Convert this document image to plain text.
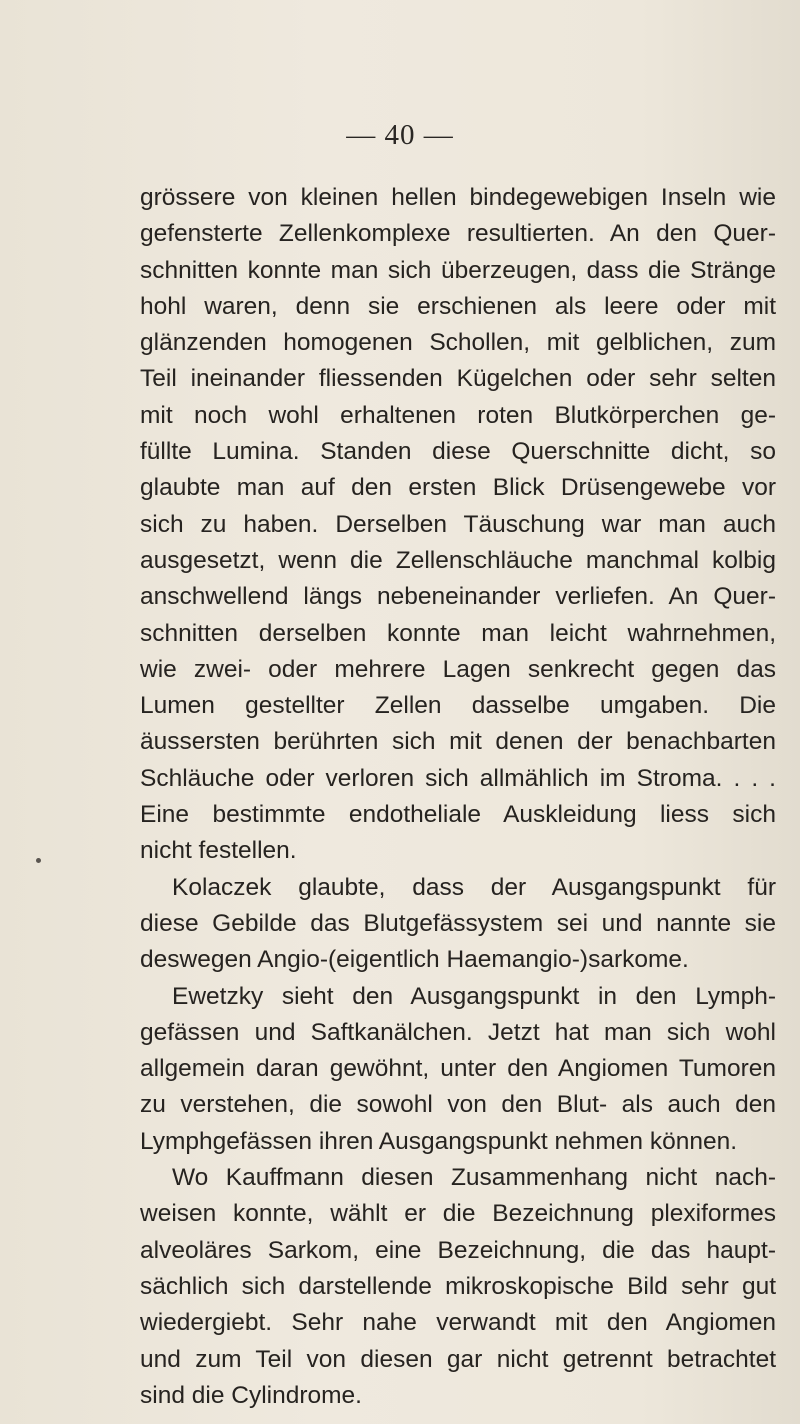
— 40 —
grössere von kleinen hellen bindegewebigen Inseln wie
gefensterte Zellenkomplexe resultierten. An den Quer-
schnitten konnte man sich überzeugen, dass die Stränge
hohl waren, denn sie erschienen als leere oder mit
glänzenden homogenen Schollen, mit gelblichen, zum
Teil ineinander fliessenden Kügelchen oder sehr selten
mit noch wohl erhaltenen roten Blutkörperchen ge-
füllte Lumina. Standen diese Querschnitte dicht, so
glaubte man auf den ersten Blick Drüsengewebe vor
sich zu haben. Derselben Täuschung war man auch
ausgesetzt, wenn die Zellenschläuche manchmal kolbig
anschwellend längs nebeneinander verliefen. An Quer-
schnitten derselben konnte man leicht wahrnehmen,
wie zwei- oder mehrere Lagen senkrecht gegen das
Lumen gestellter Zellen dasselbe umgaben. Die
äussersten berührten sich mit denen der benachbarten
Schläuche oder verloren sich allmählich im Stroma. . . .
Eine bestimmte endotheliale Auskleidung liess sich
nicht festellen.
Kolaczek glaubte, dass der Ausgangspunkt für
diese Gebilde das Blutgefässystem sei und nannte sie
deswegen Angio-(eigentlich Haemangio-)sarkome.
Ewetzky sieht den Ausgangspunkt in den Lymph-
gefässen und Saftkanälchen. Jetzt hat man sich wohl
allgemein daran gewöhnt, unter den Angiomen Tumoren
zu verstehen, die sowohl von den Blut- als auch den
Lymphgefässen ihren Ausgangspunkt nehmen können.
Wo Kauffmann diesen Zusammenhang nicht nach-
weisen konnte, wählt er die Bezeichnung plexiformes
alveoläres Sarkom, eine Bezeichnung, die das haupt-
sächlich sich darstellende mikroskopische Bild sehr gut
wiedergiebt. Sehr nahe verwandt mit den Angiomen
und zum Teil von diesen gar nicht getrennt betrachtet
sind die Cylindrome.
